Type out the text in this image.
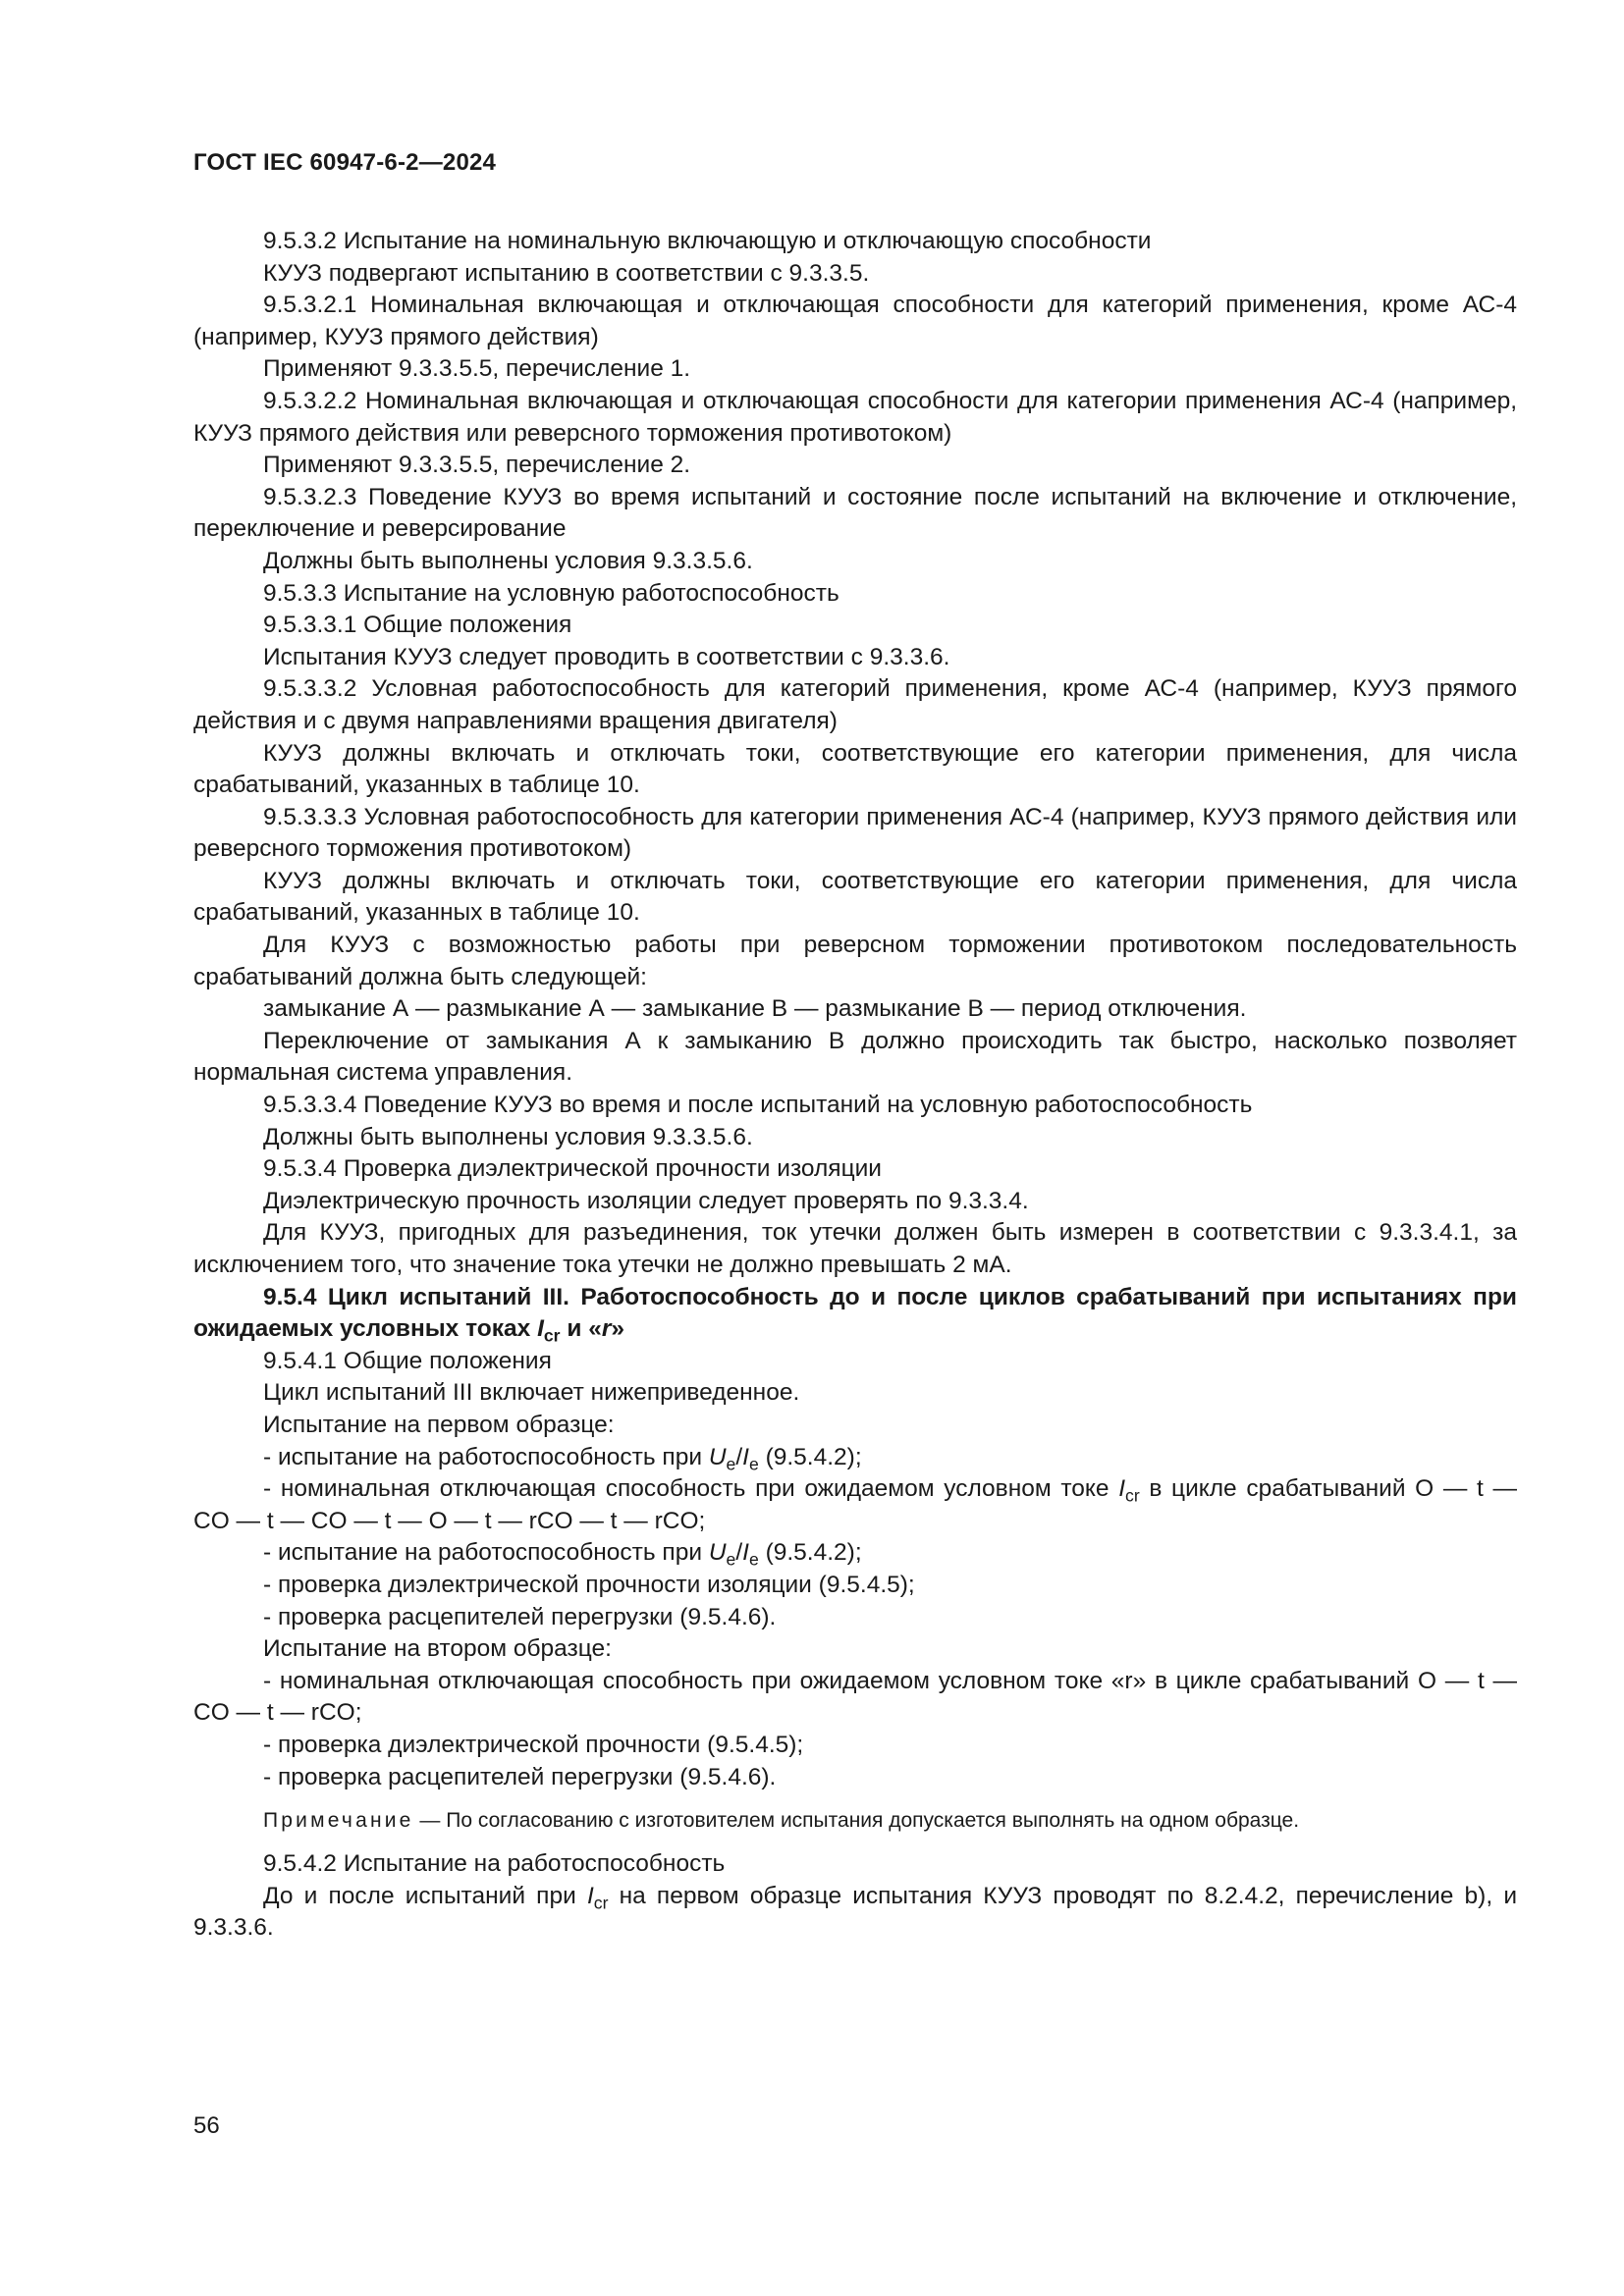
ГОСТ IEC 60947-6-2—2024

9.5.3.2 Испытание на номинальную включающую и отключающую способности

КУУЗ подвергают испытанию в соответствии с 9.3.3.5.

9.5.3.2.1 Номинальная включающая и отключающая способности для категорий применения, кроме АС-4 (например, КУУЗ прямого действия)

Применяют 9.3.3.5.5, перечисление 1.

9.5.3.2.2 Номинальная включающая и отключающая способности для категории применения АС-4 (например, КУУЗ прямого действия или реверсного торможения противотоком)

Применяют 9.3.3.5.5, перечисление 2.

9.5.3.2.3 Поведение КУУЗ во время испытаний и состояние после испытаний на включение и отключение, переключение и реверсирование

Должны быть выполнены условия 9.3.3.5.6.

9.5.3.3 Испытание на условную работоспособность

9.5.3.3.1 Общие положения

Испытания КУУЗ следует проводить в соответствии с 9.3.3.6.

9.5.3.3.2 Условная работоспособность для категорий применения, кроме АС-4 (например, КУУЗ прямого действия и с двумя направлениями вращения двигателя)

КУУЗ должны включать и отключать токи, соответствующие его категории применения, для числа срабатываний, указанных в таблице 10.

9.5.3.3.3 Условная работоспособность для категории применения АС-4 (например, КУУЗ прямого действия или реверсного торможения противотоком)

КУУЗ должны включать и отключать токи, соответствующие его категории применения, для числа срабатываний, указанных в таблице 10.

Для КУУЗ с возможностью работы при реверсном торможении противотоком последовательность срабатываний должна быть следующей:

замыкание А — размыкание А — замыкание В — размыкание В — период отключения.

Переключение от замыкания А к замыканию В должно происходить так быстро, насколько позволяет нормальная система управления.

9.5.3.3.4 Поведение КУУЗ во время и после испытаний на условную работоспособность

Должны быть выполнены условия 9.3.3.5.6.

9.5.3.4 Проверка диэлектрической прочности изоляции

Диэлектрическую прочность изоляции следует проверять по 9.3.3.4.

Для КУУЗ, пригодных для разъединения, ток утечки должен быть измерен в соответствии с 9.3.3.4.1, за исключением того, что значение тока утечки не должно превышать 2 мА.

9.5.4 Цикл испытаний III. Работоспособность до и после циклов срабатываний при испытаниях при ожидаемых условных токах $I_{cr}$ и «r»

9.5.4.1 Общие положения

Цикл испытаний III включает нижеприведенное.

Испытание на первом образце:

- испытание на работоспособность при $U_e/I_e$ (9.5.4.2);

- номинальная отключающая способность при ожидаемом условном токе $I_{cr}$ в цикле срабатываний O — t — CO — t — CO — t — O — t — rCO — t — rCO;

- испытание на работоспособность при $U_e/I_e$ (9.5.4.2);

- проверка диэлектрической прочности изоляции (9.5.4.5);

- проверка расцепителей перегрузки (9.5.4.6).

Испытание на втором образце:

- номинальная отключающая способность при ожидаемом условном токе «r» в цикле срабатываний O — t — CO — t — rCO;

- проверка диэлектрической прочности (9.5.4.5);

- проверка расцепителей перегрузки (9.5.4.6).

Примечание — По согласованию с изготовителем испытания допускается выполнять на одном образце.

9.5.4.2 Испытание на работоспособность

До и после испытаний при $I_{cr}$ на первом образце испытания КУУЗ проводят по 8.2.4.2, перечисление b), и 9.3.3.6.

56
